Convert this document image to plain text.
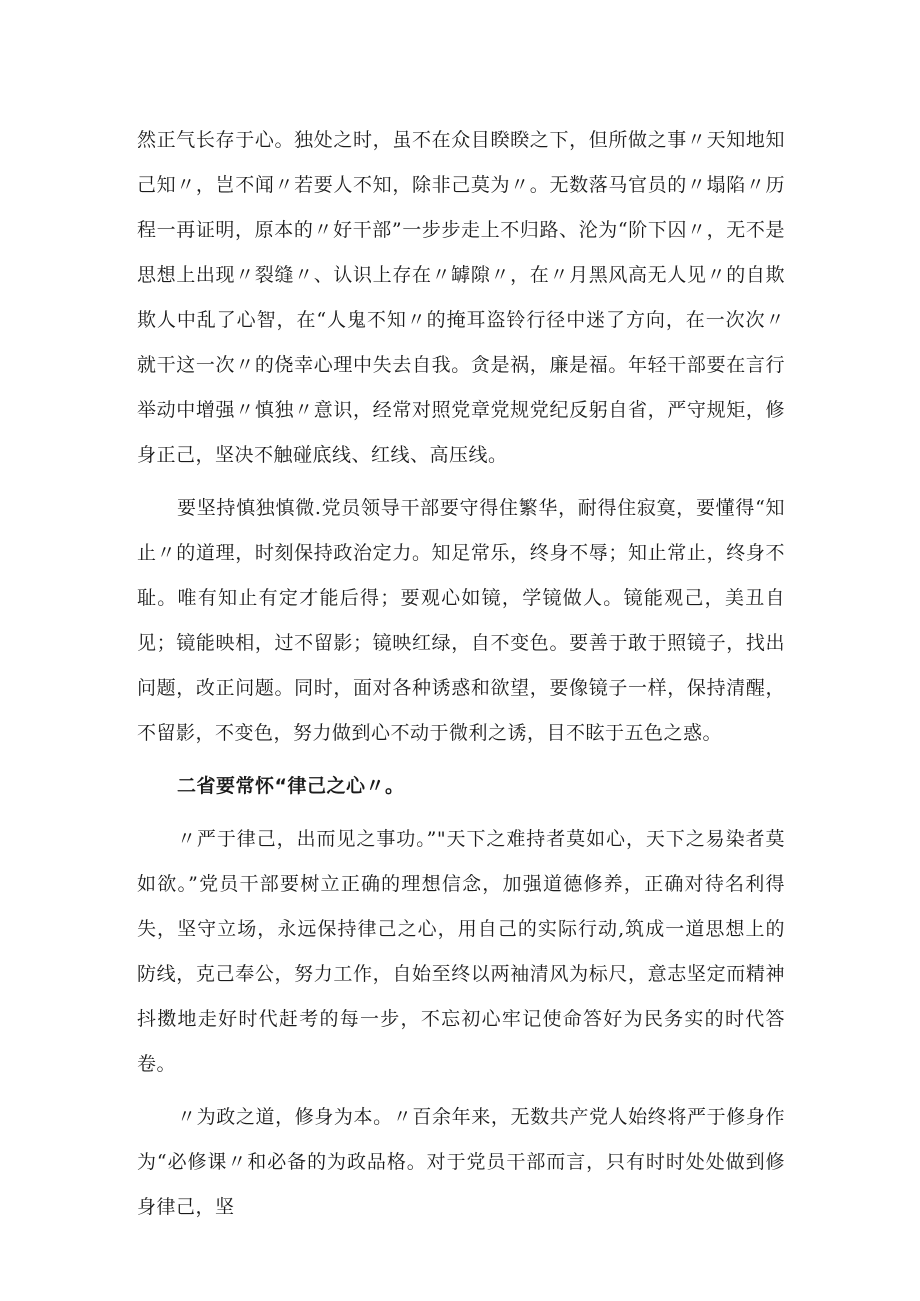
然正气长存于心。独处之时，虽不在众目睽睽之下，但所做之事〃天知地知己知〃，岂不闻〃若要人不知，除非己莫为〃。无数落马官员的〃塌陷〃历程一再证明，原本的〃好干部”一步步走上不归路、沦为“阶下囚〃，无不是思想上出现〃裂缝〃、认识上存在〃罅隙〃，在〃月黑风高无人见〃的自欺欺人中乱了心智，在“人鬼不知〃的掩耳盗铃行径中迷了方向，在一次次〃就干这一次〃的侥幸心理中失去自我。贪是祸，廉是福。年轻干部要在言行举动中增强〃慎独〃意识，经常对照党章党规党纪反躬自省，严守规矩，修身正己，坚决不触碰底线、红线、高压线。

要坚持慎独慎微.党员领导干部要守得住繁华，耐得住寂寞，要懂得“知止〃的道理，时刻保持政治定力。知足常乐，终身不辱；知止常止，终身不耻。唯有知止有定才能后得；要观心如镜，学镜做人。镜能观己，美丑自见；镜能映相，过不留影；镜映红绿，自不变色。要善于敢于照镜子，找出问题，改正问题。同时，面对各种诱惑和欲望，要像镜子一样，保持清醒，不留影，不变色，努力做到心不动于微利之诱，目不眩于五色之惑。

二省要常怀“律己之心〃。

〃严于律己，出而见之事功。”"天下之难持者莫如心，天下之易染者莫如欲。”党员干部要树立正确的理想信念，加强道德修养，正确对待名利得失，坚守立场，永远保持律己之心，用自己的实际行动,筑成一道思想上的防线，克己奉公，努力工作，自始至终以两袖清风为标尺，意志坚定而精神抖擞地走好时代赶考的每一步，不忘初心牢记使命答好为民务实的时代答卷。

〃为政之道，修身为本。〃百余年来，无数共产党人始终将严于修身作为“必修课〃和必备的为政品格。对于党员干部而言，只有时时处处做到修身律己，坚
